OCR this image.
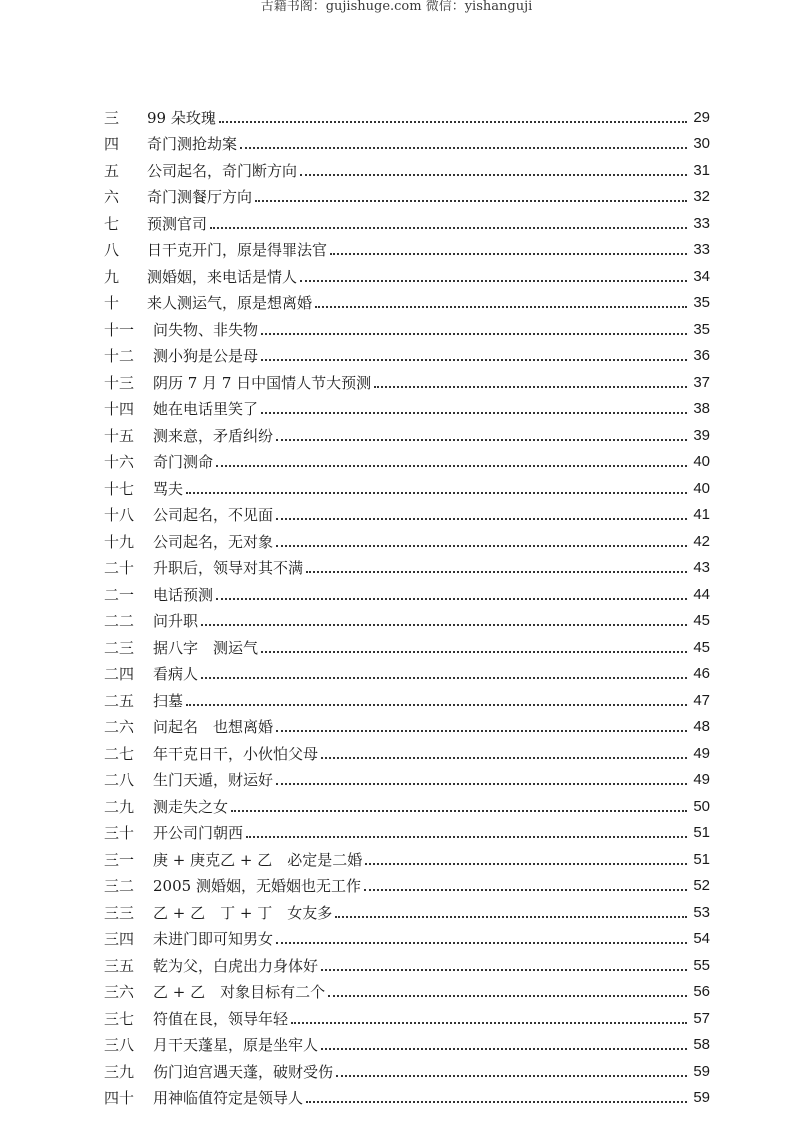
古籍书阁：gujishuge.com 微信：yishanguji
三	99 朵玫瑰	29
四	奇门测抢劫案	30
五	公司起名，奇门断方向	31
六	奇门测餐厅方向	32
七	预测官司	33
八	日干克开门，原是得罪法官	33
九	测婚姻，来电话是情人	34
十	来人测运气，原是想离婚	35
十一	问失物、非失物	35
十二	测小狗是公是母	36
十三	阴历 7 月 7 日中国情人节大预测	37
十四	她在电话里笑了	38
十五	测来意，矛盾纠纷	39
十六	奇门测命	40
十七	骂夫	40
十八	公司起名，不见面	41
十九	公司起名，无对象	42
二十	升职后，领导对其不满	43
二一	电话预测	44
二二	问升职	45
二三	据八字　测运气	45
二四	看病人	46
二五	扫墓	47
二六	问起名　也想离婚	48
二七	年干克日干，小伙怕父母	49
二八	生门天遁，财运好	49
二九	测走失之女	50
三十	开公司门朝西	51
三一	庚 + 庚克乙 + 乙　必定是二婚	51
三二	2005 测婚姻，无婚姻也无工作	52
三三	乙 + 乙　丁 + 丁　女友多	53
三四	未进门即可知男女	54
三五	乾为父，白虎出力身体好	55
三六	乙 + 乙　对象目标有二个	56
三七	符值在艮，领导年轻	57
三八	月干天蓬星，原是坐牢人	58
三九	伤门迫宫遇天蓬，破财受伤	59
四十	用神临值符定是领导人	59
